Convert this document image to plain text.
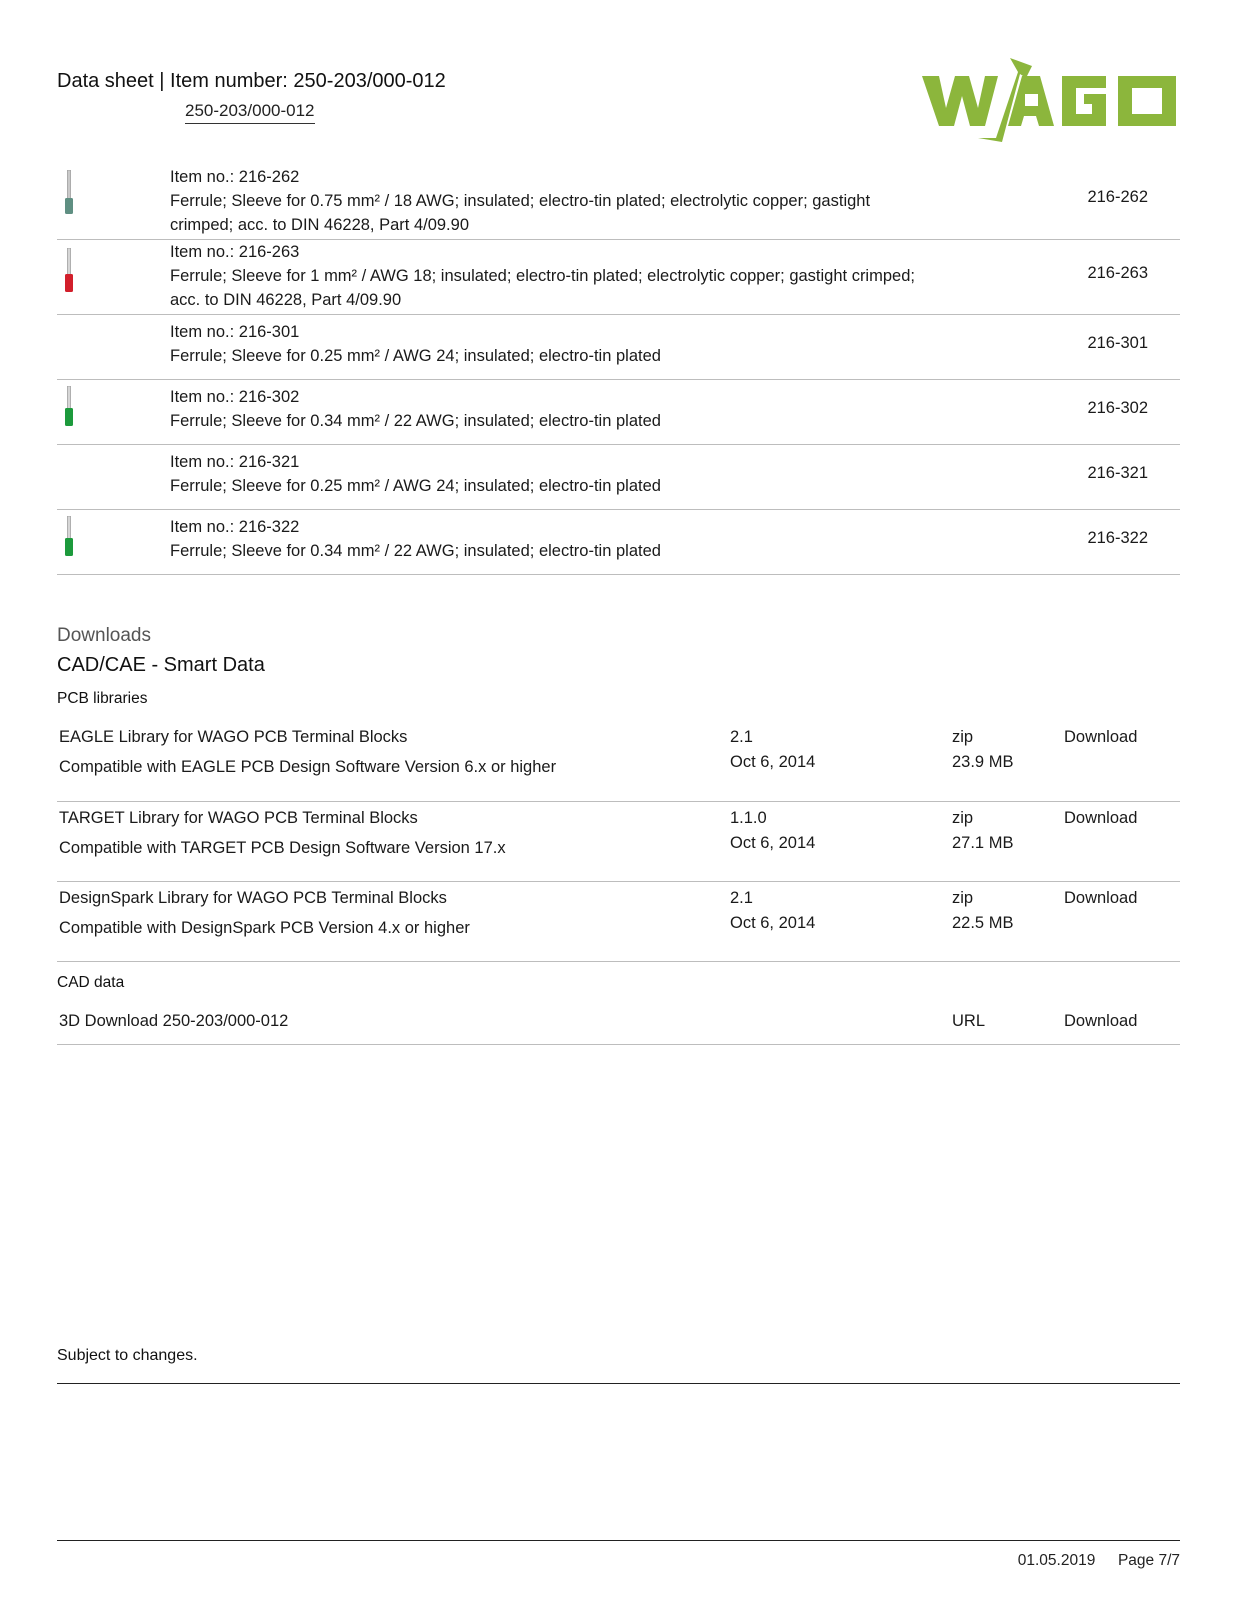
Data sheet | Item number: 250-203/000-012
250-203/000-012
Item no.: 216-262
Ferrule; Sleeve for 0.75 mm² / 18 AWG; insulated; electro-tin plated; electrolytic copper; gastight
crimped; acc. to DIN 46228, Part 4/09.90
216-262
Item no.: 216-263
Ferrule; Sleeve for 1 mm² / AWG 18; insulated; electro-tin plated; electrolytic copper; gastight crimped;
acc. to DIN 46228, Part 4/09.90
216-263
Item no.: 216-301
Ferrule; Sleeve for 0.25 mm² / AWG 24; insulated; electro-tin plated
216-301
Item no.: 216-302
Ferrule; Sleeve for 0.34 mm² / 22 AWG; insulated; electro-tin plated
216-302
Item no.: 216-321
Ferrule; Sleeve for 0.25 mm² / AWG 24; insulated; electro-tin plated
216-321
Item no.: 216-322
Ferrule; Sleeve for 0.34 mm² / 22 AWG; insulated; electro-tin plated
216-322
Downloads
CAD/CAE - Smart Data
PCB libraries
EAGLE Library for WAGO PCB Terminal Blocks
Compatible with EAGLE PCB Design Software Version 6.x or higher
2.1
Oct 6, 2014
zip
23.9 MB
Download
TARGET Library for WAGO PCB Terminal Blocks
Compatible with TARGET PCB Design Software Version 17.x
1.1.0
Oct 6, 2014
zip
27.1 MB
Download
DesignSpark Library for WAGO PCB Terminal Blocks
Compatible with DesignSpark PCB Version 4.x or higher
2.1
Oct 6, 2014
zip
22.5 MB
Download
CAD data
3D Download 250-203/000-012	URL	Download
Subject to changes.
01.05.2019 Page 7/7
